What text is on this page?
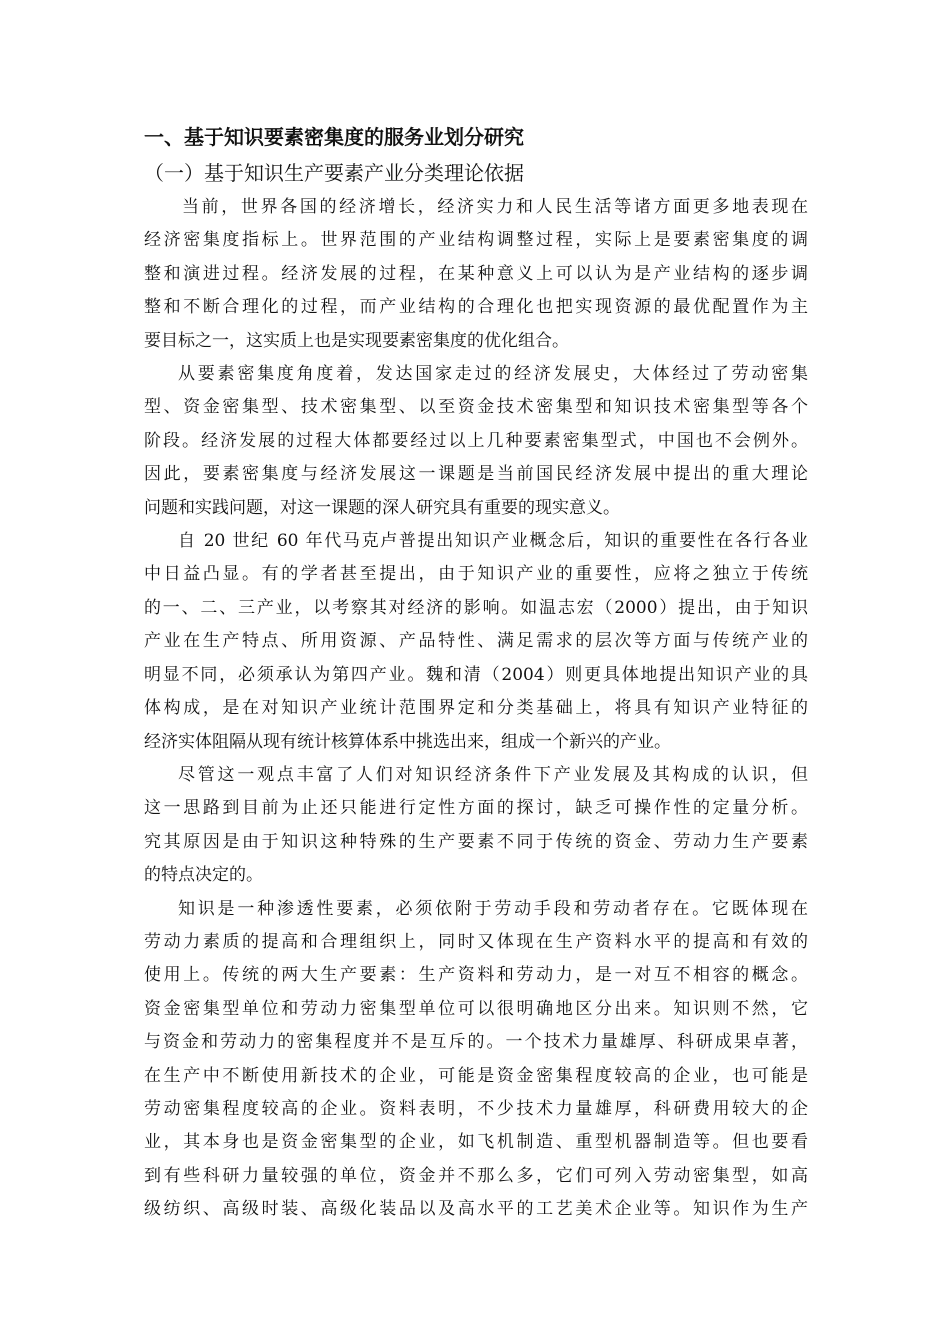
一、基于知识要素密集度的服务业划分研究
（一）基于知识生产要素产业分类理论依据
当前，世界各国的经济增长，经济实力和人民生活等诸方面更多地表现在
经济密集度指标上。世界范围的产业结构调整过程，实际上是要素密集度的调
整和演进过程。经济发展的过程，在某种意义上可以认为是产业结构的逐步调
整和不断合理化的过程，而产业结构的合理化也把实现资源的最优配置作为主
要目标之一，这实质上也是实现要素密集度的优化组合。
从要素密集度角度着，发达国家走过的经济发展史，大体经过了劳动密集
型、资金密集型、技术密集型、以至资金技术密集型和知识技术密集型等各个
阶段。经济发展的过程大体都要经过以上几种要素密集型式，中国也不会例外。
因此，要素密集度与经济发展这一课题是当前国民经济发展中提出的重大理论
问题和实践问题，对这一课题的深人研究具有重要的现实意义。
自 20 世纪 60 年代马克卢普提出知识产业概念后，知识的重要性在各行各业
中日益凸显。有的学者甚至提出，由于知识产业的重要性，应将之独立于传统
的一、二、三产业，以考察其对经济的影响。如温志宏（2000）提出，由于知识
产业在生产特点、所用资源、产品特性、满足需求的层次等方面与传统产业的
明显不同，必须承认为第四产业。魏和清（2004）则更具体地提出知识产业的具
体构成，是在对知识产业统计范围界定和分类基础上，将具有知识产业特征的
经济实体阻隔从现有统计核算体系中挑选出来，组成一个新兴的产业。
尽管这一观点丰富了人们对知识经济条件下产业发展及其构成的认识，但
这一思路到目前为止还只能进行定性方面的探讨，缺乏可操作性的定量分析。
究其原因是由于知识这种特殊的生产要素不同于传统的资金、劳动力生产要素
的特点决定的。
知识是一种渗透性要素，必须依附于劳动手段和劳动者存在。它既体现在
劳动力素质的提高和合理组织上，同时又体现在生产资料水平的提高和有效的
使用上。传统的两大生产要素：生产资料和劳动力，是一对互不相容的概念。
资金密集型单位和劳动力密集型单位可以很明确地区分出来。知识则不然，它
与资金和劳动力的密集程度并不是互斥的。一个技术力量雄厚、科研成果卓著，
在生产中不断使用新技术的企业，可能是资金密集程度较高的企业，也可能是
劳动密集程度较高的企业。资料表明，不少技术力量雄厚，科研费用较大的企
业，其本身也是资金密集型的企业，如飞机制造、重型机器制造等。但也要看
到有些科研力量较强的单位，资金并不那么多，它们可列入劳动密集型，如高
级纺织、高级时装、高级化装品以及高水平的工艺美术企业等。知识作为生产
